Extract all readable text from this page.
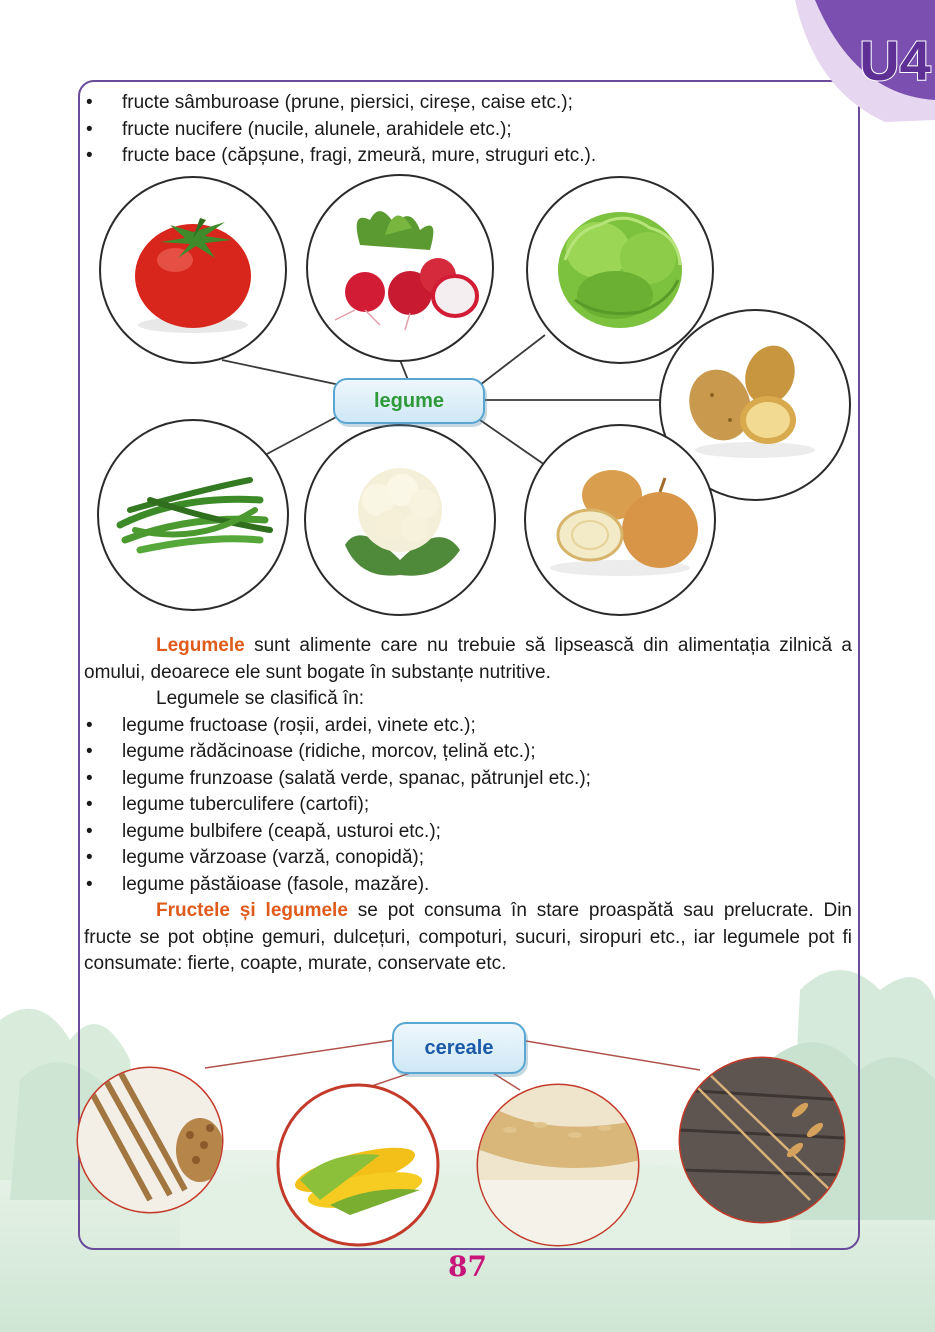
U4
• fructe sâmburoase (prune, piersici, cireșe, caise etc.);
• fructe nucifere (nucile, alunele, arahidele etc.);
• fructe bace (căpșune, fragi, zmeură, mure, struguri etc.).
legume
cereale

Legumele sunt alimente care nu trebuie să lipsească din alimentația zilnică a omului, deoarece ele sunt bogate în substanțe nutritive.

Legumele se clasifică în:

• legume fructoase (roșii, ardei, vinete etc.);
• legume rădăcinoase (ridiche, morcov, țelină etc.);
• legume frunzoase (salată verde, spanac, pătrunjel etc.);
• legume tuberculifere (cartofi);
• legume bulbifere (ceapă, usturoi etc.);
• legume vărzoase (varză, conopidă);
• legume păstăioase (fasole, mazăre).

Fructele și legumele se pot consuma în stare proaspătă sau prelucrate. Din fructe se pot obține gemuri, dulcețuri, compoturi, sucuri, siropuri etc., iar legumele pot fi consumate: fierte, coapte, murate, conservate etc.

87
